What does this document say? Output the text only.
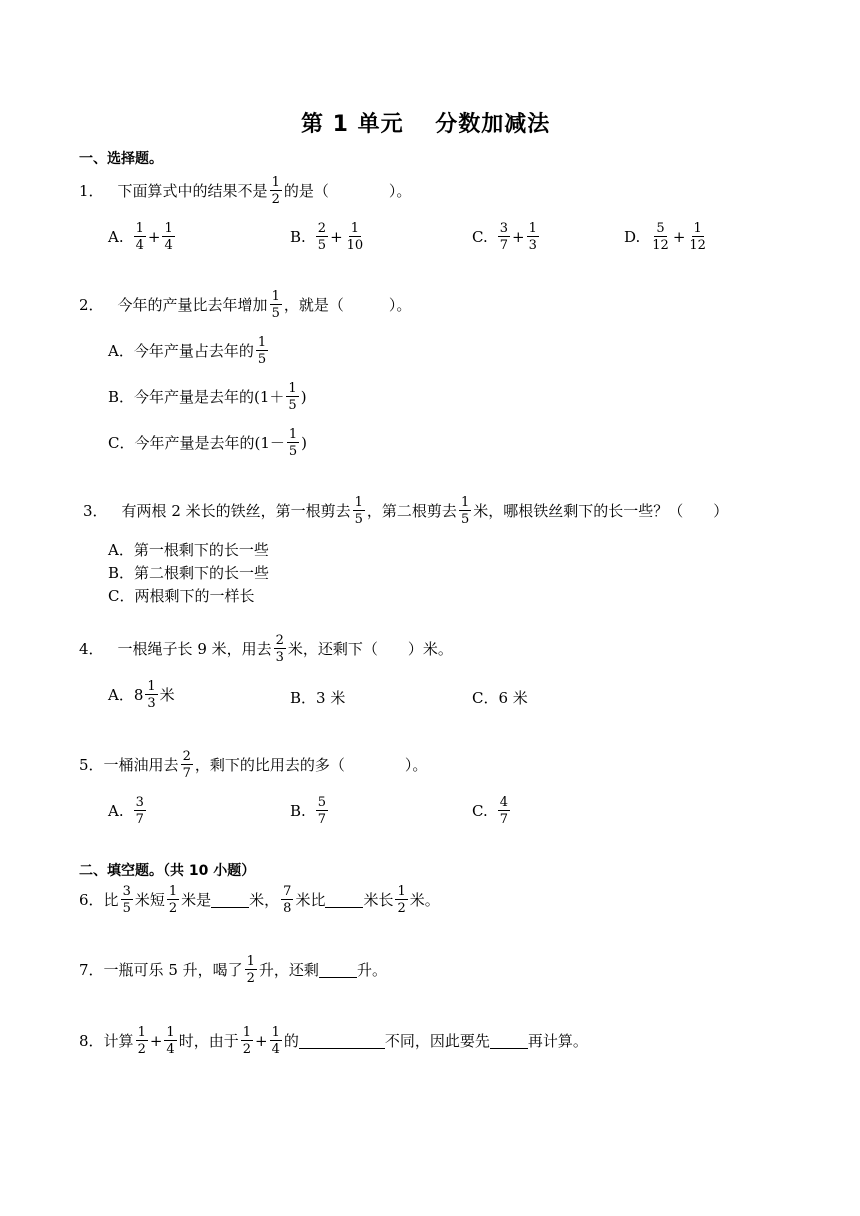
第 1 单元　 分数加减法
一、选择题。
1． 下面算式中的结果不是 $\frac{1}{2}$ 的是（　　　　）。
A. $\frac{1}{4} + \frac{1}{4}$	B. $\frac{2}{5} + \frac{1}{10}$	C. $\frac{3}{7} + \frac{1}{3}$	D. $\frac{5}{12} + \frac{1}{12}$
2． 今年的产量比去年增加 $\frac{1}{5}$ ，就是（　　　）。
A．今年产量占去年的 $\frac{1}{5}$
B．今年产量是去年的($1+ \frac{1}{5}$ )
C．今年产量是去年的($1- \frac{1}{5}$ )
3． 有两根 2 米长的铁丝，第一根剪去 $\frac{1}{5}$ ，第二根剪去 $\frac{1}{5}$ 米，哪根铁丝剩下的长一些？（　　）
A．第一根剩下的长一些
B．第二根剩下的长一些
C．两根剩下的一样长
4． 一根绳子长 9 米，用去 $\frac{2}{3}$ 米，还剩下（　　）米。
A． $8 \frac{1}{3}$ 米	B．3 米	C．6 米
5． 一桶油用去 $\frac{2}{7}$ ，剩下的比用去的多（　　　　）。
A. $\frac{3}{7}$	B. $\frac{5}{7}$	C. $\frac{4}{7}$
二、填空题。（共 10 小题）
6． 比 $\frac{3}{5}$ 米短 $\frac{1}{2}$ 米是	米， $\frac{7}{8}$ 米比	米长 $\frac{1}{2}$ 米。
7． 一瓶可乐 5 升，喝了 $\frac{1}{2}$ 升，还剩	升。
8． 计算 $\frac{1}{2} + \frac{1}{4}$ 时，由于 $\frac{1}{2} + \frac{1}{4}$ 的	不同，因此要先	再计算。
